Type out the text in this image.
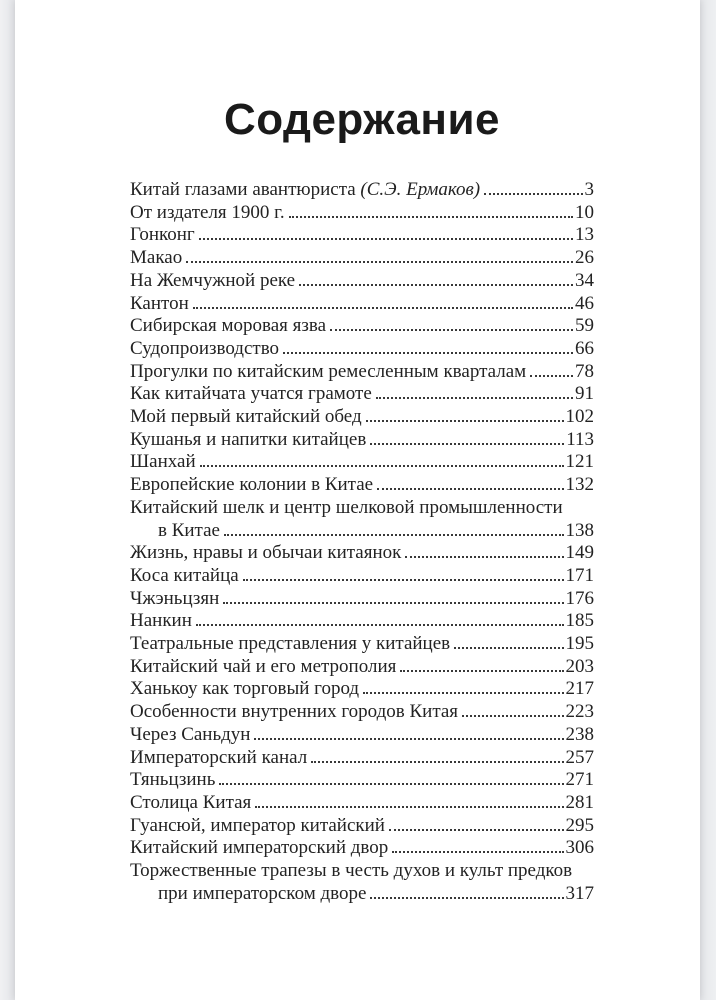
Содержание
Китай глазами авантюриста (С.Э. Ермаков)	3
От издателя 1900 г.	10
Гонконг	13
Макао	26
На Жемчужной реке	34
Кантон	46
Сибирская моровая язва	59
Судопроизводство	66
Прогулки по китайским ремесленным кварталам	78
Как китайчата учатся грамоте	91
Мой первый китайский обед	102
Кушанья и напитки китайцев	113
Шанхай	121
Европейские колонии в Китае	132
Китайский шелк и центр шелковой промышленности
в Китае	138
Жизнь, нравы и обычаи китаянок	149
Коса китайца	171
Чжэньцзян	176
Нанкин	185
Театральные представления у китайцев	195
Китайский чай и его метрополия	203
Ханькоу как торговый город	217
Особенности внутренних городов Китая	223
Через Саньдун	238
Императорский канал	257
Тяньцзинь	271
Столица Китая	281
Гуансюй, император китайский	295
Китайский императорский двор	306
Торжественные трапезы в честь духов и культ предков
при императорском дворе	317
